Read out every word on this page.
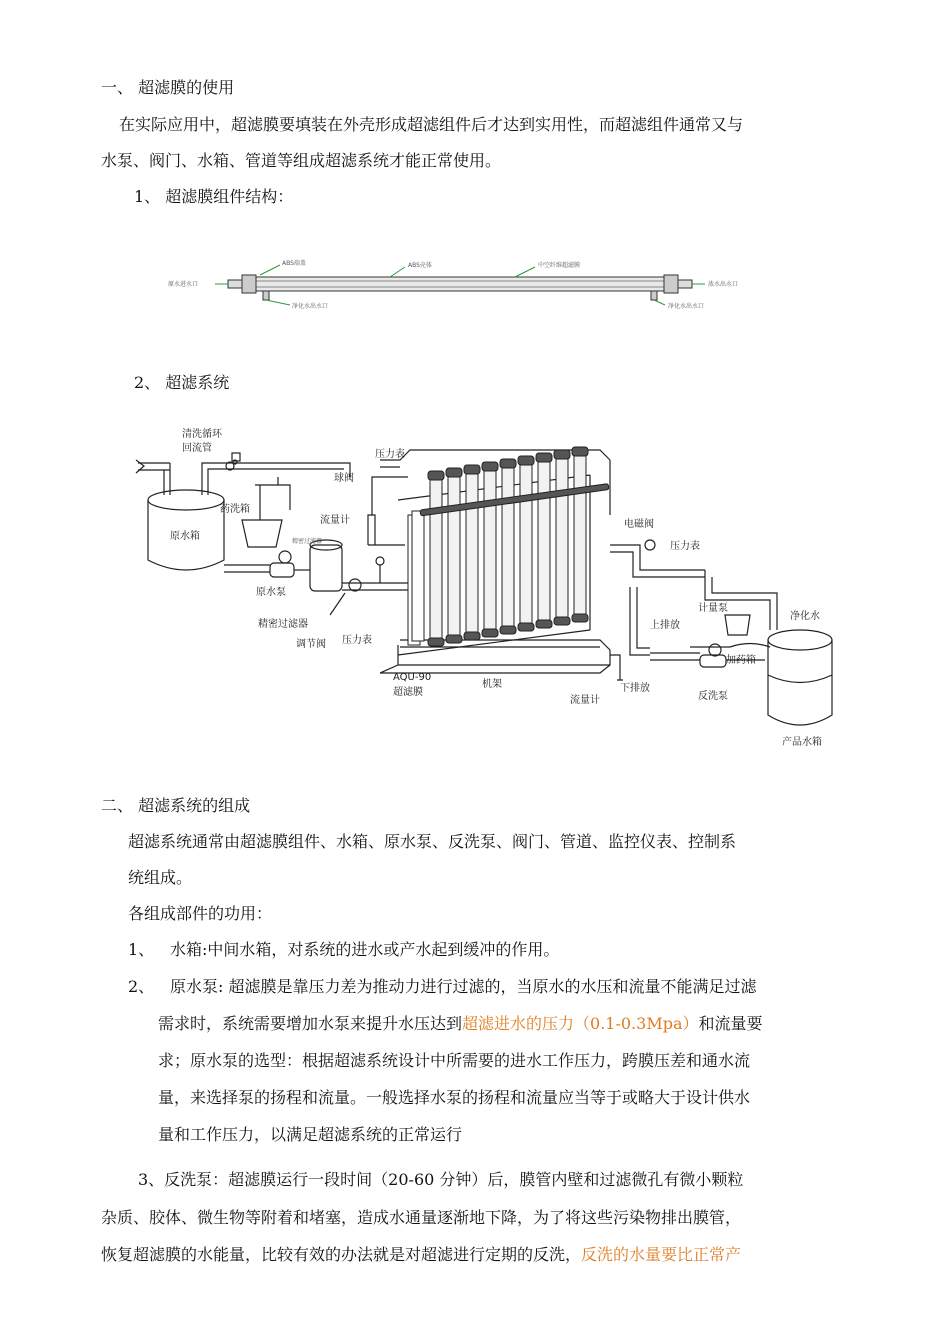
一、 超滤膜的使用
在实际应用中，超滤膜要填装在外壳形成超滤组件后才达到实用性，而超滤组件通常又与
水泵、阀门、水箱、管道等组成超滤系统才能正常使用。
1、 超滤膜组件结构：
原水进水口
ABS端盖	ABS壳体	中空纤维超滤膜
浓水出水口
净化水出水口	净化水出水口
2、 超滤系统
清洗循环
回流管
原水箱
药洗箱
原水泵
精密过滤器
精密过滤器
调节阀 压力表
球阀
压力表
流量计	电磁阀
压力表
AQU-90
超滤膜
机架
流量计
上排放
下排放
计量泵
加药箱
反洗泵
净化水
产品水箱
二、 超滤系统的组成
超滤系统通常由超滤膜组件、水箱、原水泵、反洗泵、阀门、管道、监控仪表、控制系
统组成。
各组成部件的功用：
1、 水箱:中间水箱，对系统的进水或产水起到缓冲的作用。
2、 原水泵: 超滤膜是靠压力差为推动力进行过滤的，当原水的水压和流量不能满足过滤
需求时，系统需要增加水泵来提升水压达到超滤进水的压力（0.1-0.3Mpa）和流量要
求；原水泵的选型：根据超滤系统设计中所需要的进水工作压力，跨膜压差和通水流
量，来选择泵的扬程和流量。一般选择水泵的扬程和流量应当等于或略大于设计供水
量和工作压力，以满足超滤系统的正常运行
3、反洗泵：超滤膜运行一段时间（20-60 分钟）后，膜管内壁和过滤微孔有微小颗粒
杂质、胶体、微生物等附着和堵塞，造成水通量逐渐地下降，为了将这些污染物排出膜管，
恢复超滤膜的水能量，比较有效的办法就是对超滤进行定期的反洗，反洗的水量要比正常产
